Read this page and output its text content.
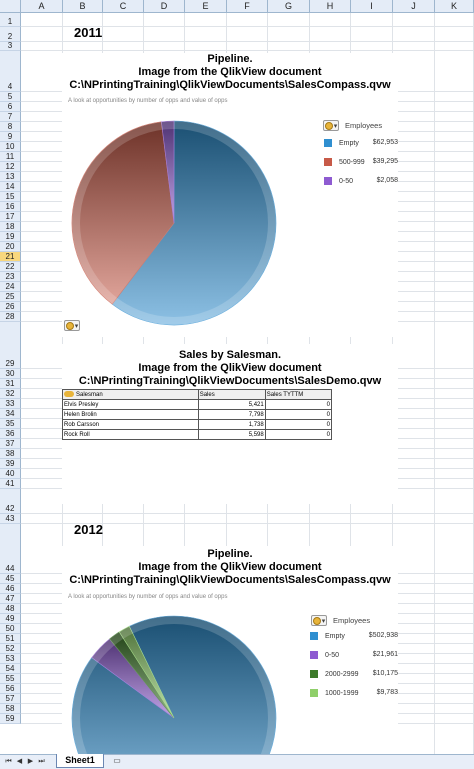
A	B	C	D	E	F	G	H	I	J	K
1
2
3
4
5
6
7
8
9
10
11
12
13
14
15
16
17
18
19
20
21
22
23
24
25
26
28
29
30
31
32
33
34
35
36
37
38
39
40
41
42
43
44
45
46
47
48
49
50
51
52
53
54
55
56
57
58
59
2011
Pipeline.
Image from the QlikView document
C:\NPrintingTraining\QlikViewDocuments\SalesCompass.qvw
A look at opportunities by number of opps and value of opps
▾ Employees
Empty	$62,953
500-999	$39,295
0-50	$2,058
▾
Sales by Salesman.
Image from the QlikView document
C:\NPrintingTraining\QlikViewDocuments\SalesDemo.qvw
Salesman	Sales	Sales TYTTM
Elvis Presley	5,421	0
Helen Brolin	7,798	0
Rob Carsson	1,738	0
Rock Roll	5,598	0
2012
Pipeline.
Image from the QlikView document
C:\NPrintingTraining\QlikViewDocuments\SalesCompass.qvw
A look at opportunities by number of opps and value of opps
▾ Employees
Empty	$502,938
0-50	$21,961
2000-2999	$10,175
1000-1999	$9,783
⏮ ◀ ▶ ⏭	Sheet1	▭
